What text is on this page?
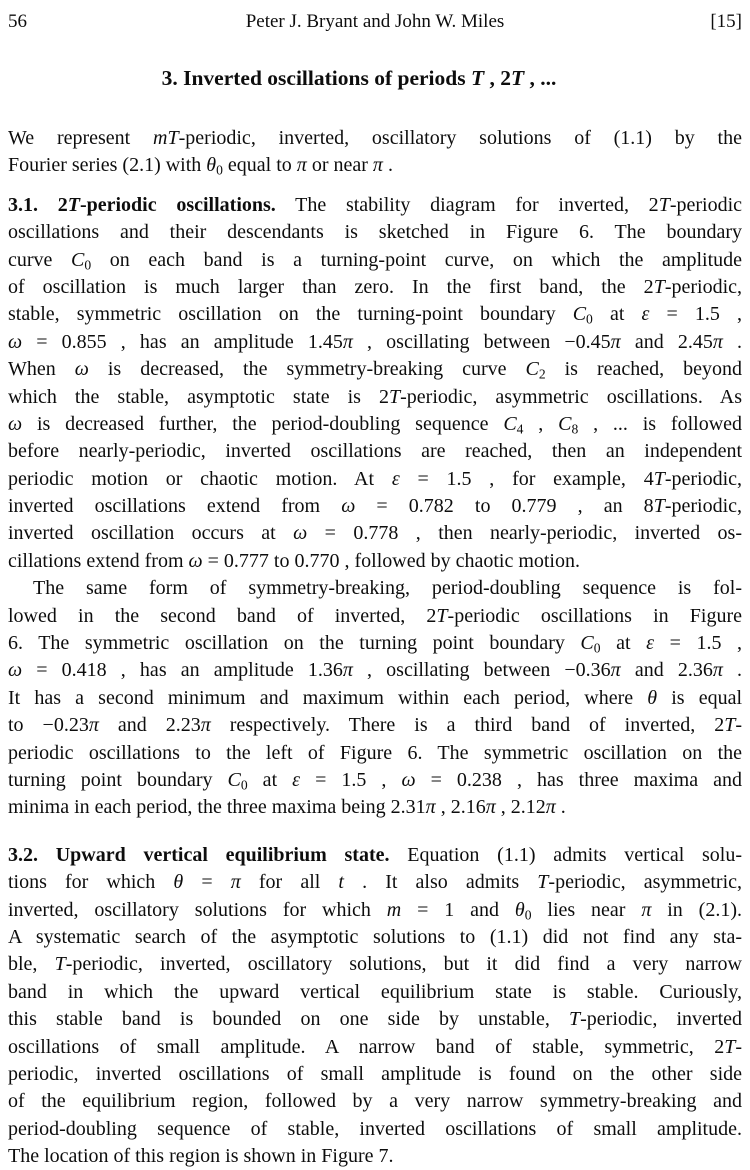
56	Peter J. Bryant and John W. Miles	[15]
3. Inverted oscillations of periods T , 2T , ...
We represent mT-periodic, inverted, oscillatory solutions of (1.1) by the
Fourier series (2.1) with $\theta_0$ equal to π or near π .
3.1. 2T-periodic oscillations. The stability diagram for inverted, 2T-periodic
oscillations and their descendants is sketched in Figure 6. The boundary
curve $C_0$ on each band is a turning-point curve, on which the amplitude
of oscillation is much larger than zero. In the first band, the 2T-periodic,
stable, symmetric oscillation on the turning-point boundary $C_0$ at ε = 1.5 ,
ω = 0.855 , has an amplitude 1.45π , oscillating between −0.45π and 2.45π .
When ω is decreased, the symmetry-breaking curve $C_2$ is reached, beyond
which the stable, asymptotic state is 2T-periodic, asymmetric oscillations. As
ω is decreased further, the period-doubling sequence $C_4$ , $C_8$ , ... is followed
before nearly-periodic, inverted oscillations are reached, then an independent
periodic motion or chaotic motion. At ε = 1.5 , for example, 4T-periodic,
inverted oscillations extend from ω = 0.782 to 0.779 , an 8T-periodic,
inverted oscillation occurs at ω = 0.778 , then nearly-periodic, inverted os-
cillations extend from ω = 0.777 to 0.770 , followed by chaotic motion.
The same form of symmetry-breaking, period-doubling sequence is fol-
lowed in the second band of inverted, 2T-periodic oscillations in Figure
6. The symmetric oscillation on the turning point boundary $C_0$ at ε = 1.5 ,
ω = 0.418 , has an amplitude 1.36π , oscillating between −0.36π and 2.36π .
It has a second minimum and maximum within each period, where θ is equal
to −0.23π and 2.23π respectively. There is a third band of inverted, 2T-
periodic oscillations to the left of Figure 6. The symmetric oscillation on the
turning point boundary $C_0$ at ε = 1.5 , ω = 0.238 , has three maxima and
minima in each period, the three maxima being 2.31π , 2.16π , 2.12π .
3.2. Upward vertical equilibrium state. Equation (1.1) admits vertical solu-
tions for which θ = π for all t . It also admits T-periodic, asymmetric,
inverted, oscillatory solutions for which m = 1 and $\theta_0$ lies near π in (2.1).
A systematic search of the asymptotic solutions to (1.1) did not find any sta-
ble, T-periodic, inverted, oscillatory solutions, but it did find a very narrow
band in which the upward vertical equilibrium state is stable. Curiously,
this stable band is bounded on one side by unstable, T-periodic, inverted
oscillations of small amplitude. A narrow band of stable, symmetric, 2T-
periodic, inverted oscillations of small amplitude is found on the other side
of the equilibrium region, followed by a very narrow symmetry-breaking and
period-doubling sequence of stable, inverted oscillations of small amplitude.
The location of this region is shown in Figure 7.
